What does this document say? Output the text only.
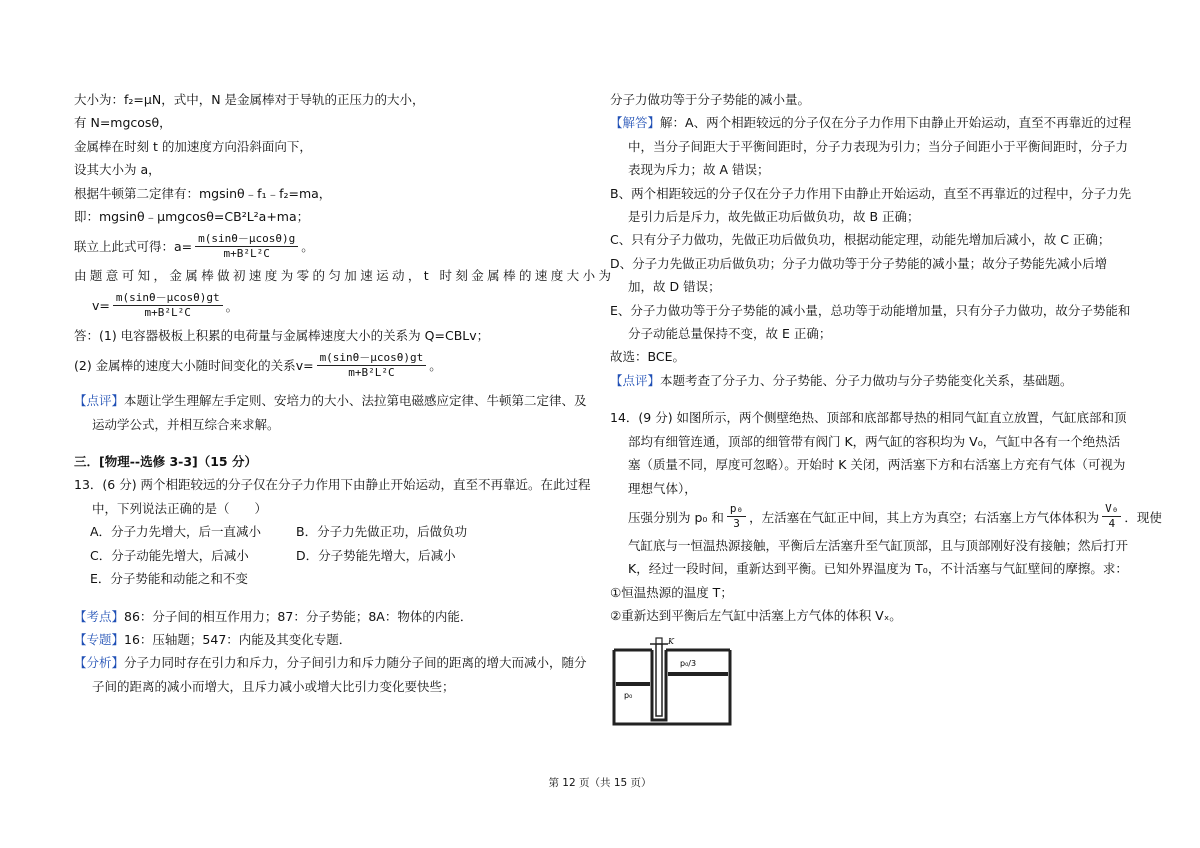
大小为：f₂=μN，式中，N 是金属棒对于导轨的正压力的大小，
有 N=mgcosθ，
金属棒在时刻 t 的加速度方向沿斜面向下，
设其大小为 a，
根据牛顿第二定律有：mgsinθ﹣f₁﹣f₂=ma，
即：mgsinθ﹣μmgcosθ=CB²L²a+ma；
联立上此式可得： $a= \frac{m(\sin\theta-\mu\cos\theta)g}{\text{m+B²L²C}}$ 。
由题意可知，金属棒做初速度为零的匀加速运动，t 时刻金属棒的速度大小为
$v= \frac{m(\sin\theta-\mu\cos\theta)gt}{\text{m+B²L²C}}$ 。
答：(1) 电容器极板上积累的电荷量与金属棒速度大小的关系为 Q=CBLv；
(2) 金属棒的速度大小随时间变化的关系 $v= \frac{m(\sin\theta-\mu\cos\theta)gt}{\text{m+B²L²C}}$ 。
【点评】本题让学生理解左手定则、安培力的大小、法拉第电磁感应定律、牛顿第二定律、及运动学公式，并相互综合来求解。
三．[物理--选修 3-3]（15 分）
13．(6 分) 两个相距较远的分子仅在分子力作用下由静止开始运动，直至不再靠近。在此过程中，下列说法正确的是（　　）
A．分子力先增大，后一直减小	B．分子力先做正功，后做负功
C．分子动能先增大，后减小	D．分子势能先增大，后减小
E．分子势能和动能之和不变
【考点】86：分子间的相互作用力；87：分子势能；8A：物体的内能．
【专题】16：压轴题；547：内能及其变化专题．
【分析】分子力同时存在引力和斥力，分子间引力和斥力随分子间的距离的增大而减小，随分子间的距离的减小而增大，且斥力减小或增大比引力变化要快些；
分子力做功等于分子势能的减小量。
【解答】解：A、两个相距较远的分子仅在分子力作用下由静止开始运动，直至不再靠近的过程中，当分子间距大于平衡间距时，分子力表现为引力；当分子间距小于平衡间距时，分子力表现为斥力；故 A 错误；
B、两个相距较远的分子仅在分子力作用下由静止开始运动，直至不再靠近的过程中，分子力先是引力后是斥力，故先做正功后做负功，故 B 正确；
C、只有分子力做功，先做正功后做负功，根据动能定理，动能先增加后减小，故 C 正确；
D、分子力先做正功后做负功；分子力做功等于分子势能的减小量；故分子势能先减小后增加，故 D 错误；
E、分子力做功等于分子势能的减小量，总功等于动能增加量，只有分子力做功，故分子势能和分子动能总量保持不变，故 E 正确；
故选：BCE。
【点评】本题考查了分子力、分子势能、分子力做功与分子势能变化关系，基础题。
14．(9 分) 如图所示，两个侧壁绝热、顶部和底部都导热的相同气缸直立放置，气缸底部和顶部均有细管连通，顶部的细管带有阀门 K，两气缸的容积均为 V₀，气缸中各有一个绝热活塞（质量不同，厚度可忽略）。开始时 K 关闭，两活塞下方和右活塞上方充有气体（可视为理想气体），
压强分别为 p₀ 和 $\frac{\text{p₀}}{3}$ ，左活塞在气缸正中间，其上方为真空；右活塞上方气体体积为 $\frac{\text{V₀}}{4}$ ．现使
气缸底与一恒温热源接触，平衡后左活塞升至气缸顶部，且与顶部刚好没有接触；然后打开 K，经过一段时间，重新达到平衡。已知外界温度为 T₀，不计活塞与气缸壁间的摩擦。求：
①恒温热源的温度 T；
②重新达到平衡后左气缸中活塞上方气体的体积 Vₓ。
K
p₀
p₀/3
第 12 页（共 15 页）
